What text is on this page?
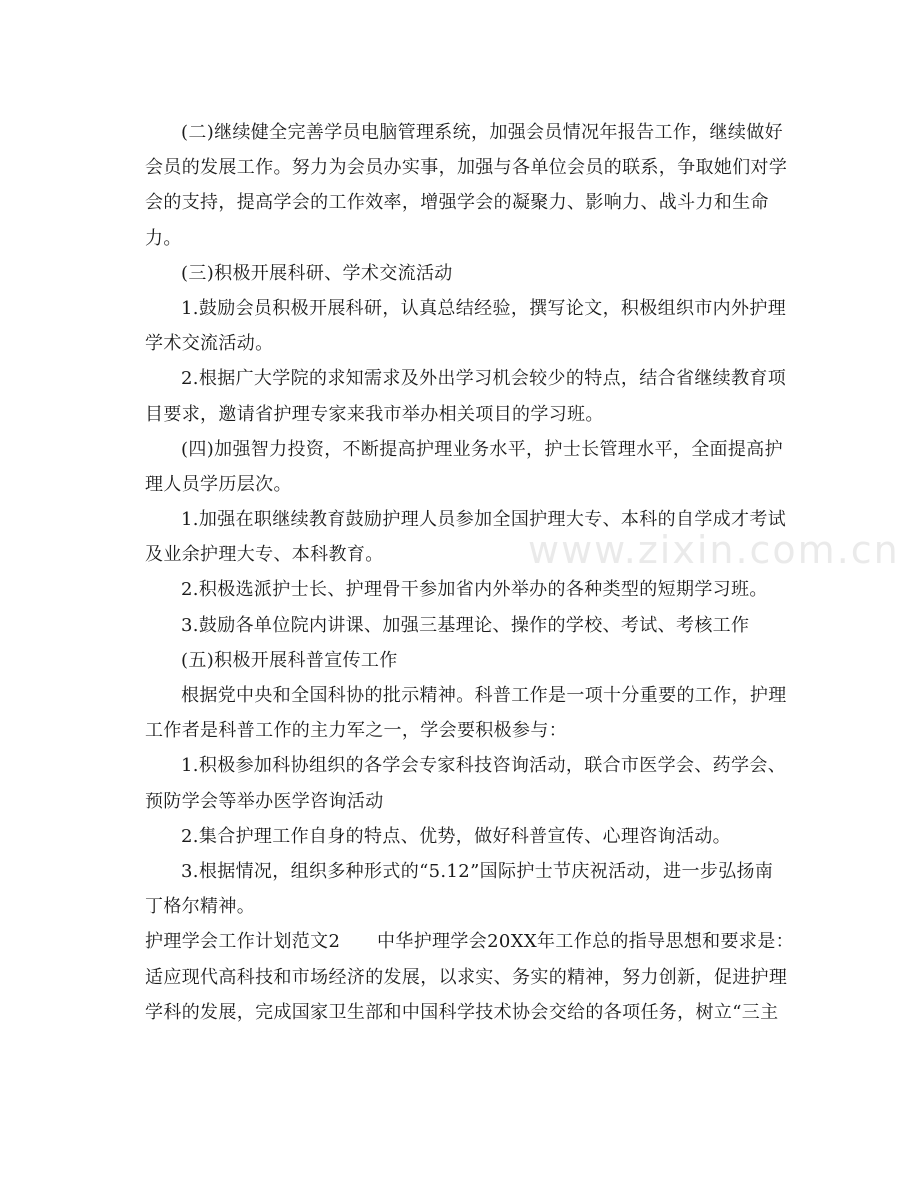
www.zixin.com.cn
(二)继续健全完善学员电脑管理系统，加强会员情况年报告工作，继续做好
会员的发展工作。努力为会员办实事，加强与各单位会员的联系，争取她们对学
会的支持，提高学会的工作效率，增强学会的凝聚力、影响力、战斗力和生命
力。
(三)积极开展科研、学术交流活动
1.鼓励会员积极开展科研，认真总结经验，撰写论文，积极组织市内外护理
学术交流活动。
2.根据广大学院的求知需求及外出学习机会较少的特点，结合省继续教育项
目要求，邀请省护理专家来我市举办相关项目的学习班。
(四)加强智力投资，不断提高护理业务水平，护士长管理水平，全面提高护
理人员学历层次。
1.加强在职继续教育鼓励护理人员参加全国护理大专、本科的自学成才考试
及业余护理大专、本科教育。
2.积极选派护士长、护理骨干参加省内外举办的各种类型的短期学习班。
3.鼓励各单位院内讲课、加强三基理论、操作的学校、考试、考核工作
(五)积极开展科普宣传工作
根据党中央和全国科协的批示精神。科普工作是一项十分重要的工作，护理
工作者是科普工作的主力军之一，学会要积极参与：
1.积极参加科协组织的各学会专家科技咨询活动，联合市医学会、药学会、
预防学会等举办医学咨询活动
2.集合护理工作自身的特点、优势，做好科普宣传、心理咨询活动。
3.根据情况，组织多种形式的“5.12”国际护士节庆祝活动，进一步弘扬南
丁格尔精神。
护理学会工作计划范文2　　中华护理学会20XX年工作总的指导思想和要求是：
适应现代高科技和市场经济的发展，以求实、务实的精神，努力创新，促进护理
学科的发展，完成国家卫生部和中国科学技术协会交给的各项任务，树立“三主
